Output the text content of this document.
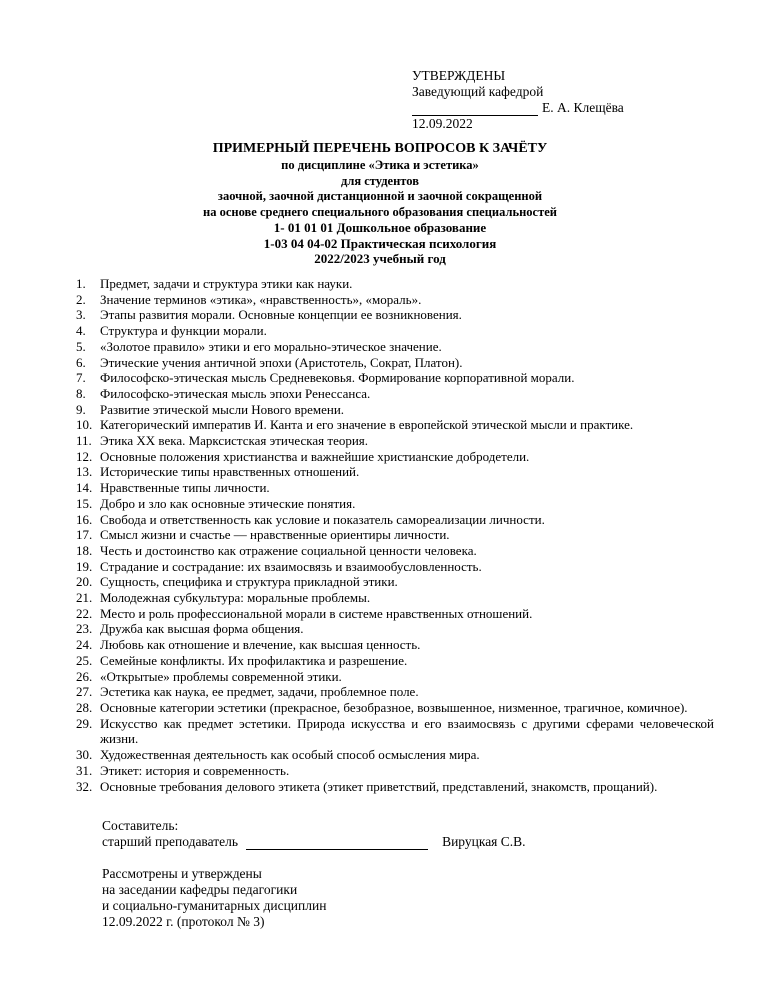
УТВЕРЖДЕНЫ
Заведующий кафедрой
Е. А. Клещёва
12.09.2022
ПРИМЕРНЫЙ ПЕРЕЧЕНЬ ВОПРОСОВ К ЗАЧЁТУ
по дисциплине «Этика и эстетика»
для студентов
заочной, заочной дистанционной и заочной сокращенной
на основе среднего специального образования специальностей
1- 01 01 01 Дошкольное образование
1-03 04 04-02 Практическая психология
2022/2023 учебный год
1.	Предмет, задачи и структура этики как науки.
2.	Значение терминов «этика», «нравственность», «мораль».
3.	Этапы развития морали. Основные концепции ее возникновения.
4.	Структура и функции морали.
5.	«Золотое правило» этики и его морально-этическое значение.
6.	Этические учения античной эпохи (Аристотель, Сократ, Платон).
7.	Философско-этическая мысль Средневековья. Формирование корпоративной морали.
8.	Философско-этическая мысль эпохи Ренессанса.
9.	Развитие этической мысли Нового времени.
10. Категорический императив И. Канта и его значение в европейской этической мысли и практике.
11. Этика ХХ века. Марксистская этическая теория.
12. Основные положения христианства и важнейшие христианские добродетели.
13. Исторические типы нравственных отношений.
14. Нравственные типы личности.
15. Добро и зло как основные этические понятия.
16. Свобода и ответственность как условие и показатель самореализации личности.
17. Смысл жизни и счастье — нравственные ориентиры личности.
18. Честь и достоинство как отражение социальной ценности человека.
19. Страдание и сострадание: их взаимосвязь и взаимообусловленность.
20. Сущность, специфика и структура прикладной этики.
21. Молодежная субкультура: моральные проблемы.
22. Место и роль профессиональной морали в системе нравственных отношений.
23. Дружба как высшая форма общения.
24. Любовь как отношение и влечение, как высшая ценность.
25. Семейные конфликты. Их профилактика и разрешение.
26. «Открытые» проблемы современной этики.
27. Эстетика как наука, ее предмет, задачи, проблемное поле.
28. Основные категории эстетики (прекрасное, безобразное, возвышенное, низменное, трагичное, комичное).
29. Искусство как предмет эстетики. Природа искусства и его взаимосвязь с другими сферами человеческой жизни.
30. Художественная деятельность как особый способ осмысления мира.
31. Этикет: история и современность.
32. Основные требования делового этикета (этикет приветствий, представлений, знакомств, прощаний).
Составитель:
старший преподаватель	Вируцкая С.В.
Рассмотрены и утверждены
на заседании кафедры педагогики
и социально-гуманитарных дисциплин
12.09.2022 г. (протокол № 3)
